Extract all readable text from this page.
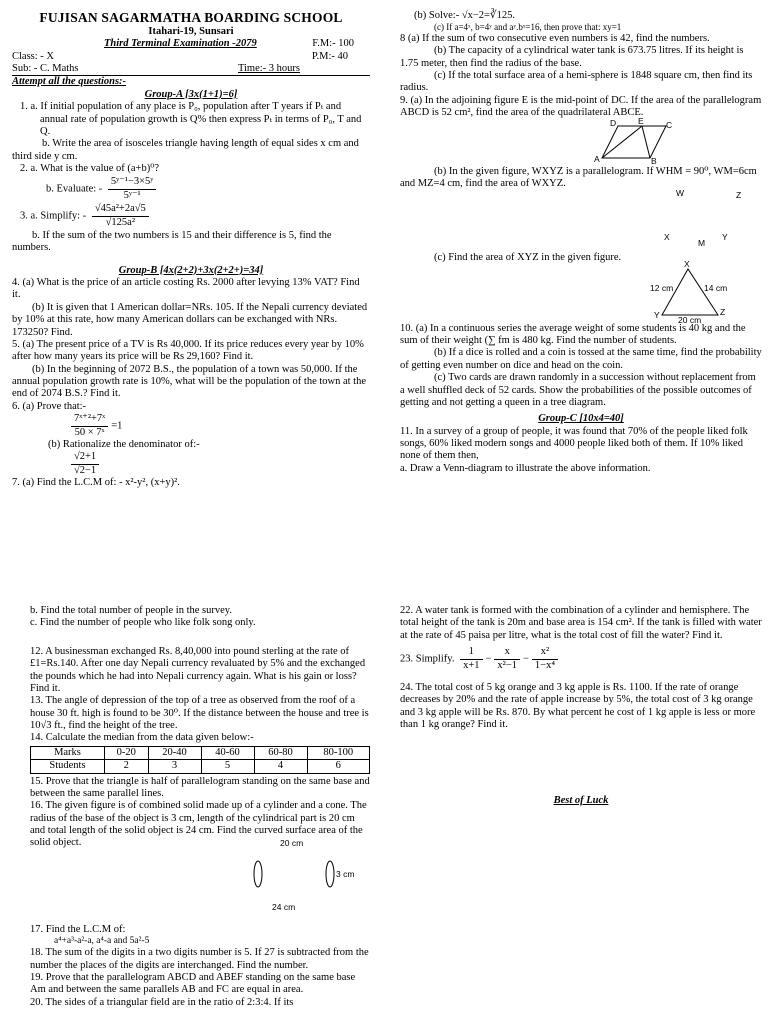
FUJISAN SAGARMATHA BOARDING SCHOOL

Itahari-19, Sunsari

Third Terminal Examination -2079	F.M:- 100
Class: - X	P.M:- 40
Sub: - C. Maths	Time:- 3 hours

Attempt all the questions:-

Group-A [3x(1+1)=6]

1. a. If initial population of any place is P₀, population after T years if Pₜ and annual rate of population growth is Q% then express Pₜ in terms of P₀, T and Q.

b. Write the area of isosceles triangle having length of equal sides x cm and third side y cm.

2. a. What is the value of (a+b)⁰?

b. Evaluate: - $\frac{\text{5ʸ⁻¹−3×5ʸ}}{\text{5ʸ⁻¹}}$
3. a. Simplify: - $\frac{\text{√45a²+2a√5}}{\text{√125a²}}$

b. If the sum of the two numbers is 15 and their difference is 5, find the numbers.

Group-B [4x(2+2)+3x(2+2+)=34]

4. (a) What is the price of an article costing Rs. 2000 after levying 13% VAT? Find it.

(b) It is given that 1 American dollar=NRs. 105. If the Nepali currency deviated by 10% at this rate, how many American dollars can be exchanged with NRs. 173250? Find.

5. (a) The present price of a TV is Rs 40,000. If its price reduces every year by 10% after how many years its price will be Rs 29,160? Find it.

(b) In the beginning of 2072 B.S., the population of a town was 50,000. If the annual population growth rate is 10%, what will be the population of the town at the end of 2074 B.S.? Find it.

6. (a) Prove that:-

$\frac{\text{7ˣ⁺²+7ˣ}}{\text{50 × 7ˣ}} =1$

(b) Rationalize the denominator of:-

$\frac{√2+1}{√2-1}$

7. (a) Find the L.C.M of: - x²-y², (x+y)².

(b) Solve:- √x−2=∛125.

(c) If a=4ˣ, b=4ʸ and aʸ.bˣ=16, then prove that: xy=1

8 (a) If the sum of two consecutive even numbers is 42, find the numbers.

(b) The capacity of a cylindrical water tank is 673.75 litres. If its height is 1.75 meter, then find the radius of the base.

(c) If the total surface area of a hemi-sphere is 1848 square cm, then find its radius.

9. (a) In the adjoining figure E is the mid-point of DC. If the area of the parallelogram ABCD is 52 cm², find the area of the quadrilateral ABCE.

D	E	C
A	B

(b) In the given figure, WXYZ is a parallelogram. If WHM = 90⁰, WM=6cm and MZ=4 cm, find the area of WXYZ.

W	Z
X
M
Y

(c) Find the area of XYZ in the given figure.

X
Y	Z
12 cm	14 cm
20 cm

10. (a) In a continuous series the average weight of some students is 40 kg and the sum of their weight (∑ fm is 480 kg. Find the number of students.

(b) If a dice is rolled and a coin is tossed at the same time, find the probability of getting even number on dice and head on the coin.

(c) Two cards are drawn randomly in a succession without replacement from a well shuffled deck of 52 cards. Show the probabilities of the possible outcomes of getting and not getting a queen in a tree diagram.

Group-C [10x4=40]

11. In a survey of a group of people, it was found that 70% of the people liked folk songs, 60% liked modern songs and 4000 people liked both of them. If 10% liked none of them then,

a. Draw a Venn-diagram to illustrate the above information.

b. Find the total number of people in the survey.

c. Find the number of people who like folk song only.

12. A businessman exchanged Rs. 8,40,000 into pound sterling at the rate of £1=Rs.140. After one day Nepali currency revaluated by 5% and the exchanged the pounds which he had into Nepali currency again. What is his gain or loss? Find it.

13. The angle of depression of the top of a tree as observed from the roof of a house 30 ft. high is found to be 30⁰. If the distance between the house and tree is 10√3 ft., find the height of the tree.

14. Calculate the median from the data given below:-

Marks	0-20	20-40	40-60	60-80	80-100
Students	2	3	5	4	6

15. Prove that the triangle is half of parallelogram standing on the same base and between the same parallel lines.

16. The given figure is of combined solid made up of a cylinder and a cone. The radius of the base of the object is 3 cm, length of the cylindrical part is 20 cm and total length of the solid object is 24 cm. Find the curved surface area of the solid object.	20 cm
3 cm
24 cm

17. Find the L.C.M of:

a⁴+a³-a²-a, a⁴-a and 5a²-5

18. The sum of the digits in a two digits number is 5. If 27 is subtracted from the number the places of the digits are interchanged. Find the number.

19. Prove that the parallelogram ABCD and ABEF standing on the same base Am and between the same parallels AB and FC are equal in area.

20. The sides of a triangular field are in the ratio of 2:3:4. If its

22. A water tank is formed with the combination of a cylinder and hemisphere. The total height of the tank is 20m and base area is 154 cm². If the tank is filled with water at the rate of 45 paisa per litre, what is the total cost of fill the water? Find it.

23. Simplify. $\frac{1}{x+1} - \frac{x}{\text{x²−1}} - \frac{\text{x²}}{\text{1−x⁴}}$

24. The total cost of 5 kg orange and 3 kg apple is Rs. 1100. If the rate of orange decreases by 20% and the rate of apple increase by 5%, the total cost of 3 kg orange and 3 kg apple will be Rs. 870. By what percent he cost of 1 kg apple is less or more than 1 kg orange? Find it.

Best of Luck
